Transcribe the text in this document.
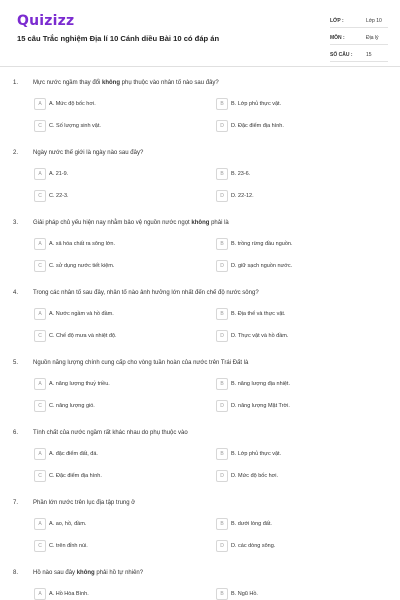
Quizizz
15 câu Trắc nghiệm Địa lí 10 Cánh diều Bài 10 có đáp án
LỚP :	Lớp 10
MÔN :	Địa lý
SỐ CÂU :	15
1. Mực nước ngầm thay đổi không phụ thuộc vào nhân tố nào sau đây?
A	A. Mức độ bốc hơi.	B	B. Lớp phủ thực vật.
C	C. Số lượng sinh vật.	D	D. Đặc điểm địa hình.
2. Ngày nước thế giới là ngày nào sau đây?
A	A. 21-9.	B	B. 23-6.
C	C. 22-3.	D	D. 22-12.
3. Giải pháp chủ yếu hiện nay nhằm bảo vệ nguồn nước ngọt không phải là
A	A. xả hóa chất ra sông lớn.	B	B. trồng rừng đầu nguồn.
C	C. sử dụng nước tiết kiệm.	D	D. giữ sạch nguồn nước.
4. Trong các nhân tố sau đây, nhân tố nào ảnh hưởng lớn nhất đến chế độ nước sông?
A	A. Nước ngầm và hồ đầm.	B	B. Địa thế và thực vật.
C	C. Chế độ mưa và nhiệt độ.	D	D. Thực vật và hồ đầm.
5. Nguồn năng lượng chính cung cấp cho vòng tuần hoàn của nước trên Trái Đất là
A	A. năng lượng thuỷ triều.	B	B. năng lượng địa nhiệt.
C	C. năng lượng gió.	D	D. năng lượng Mặt Trời.
6. Tính chất của nước ngầm rất khác nhau do phụ thuộc vào
A	A. đặc điểm đất, đá.	B	B. Lớp phủ thực vật.
C	C. Đặc điểm địa hình.	D	D. Mức độ bốc hơi.
7. Phần lớn nước trên lục địa tập trung ở
A	A. ao, hồ, đầm.	B	B. dưới lòng đất.
C	C. trên đỉnh núi.	D	D. các dòng sông.
8. Hồ nào sau đây không phải hồ tự nhiên?
A	A. Hồ Hòa Bình.	B	B. Ngũ Hồ.
